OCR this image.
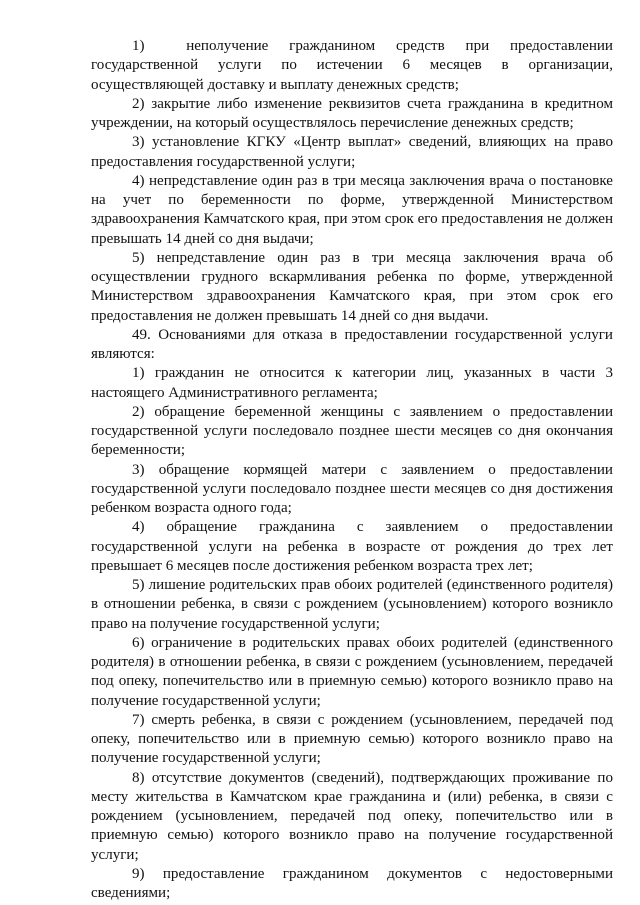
1)  неполучение гражданином средств при предоставлении государственной услуги по истечении 6 месяцев в организации, осуществляющей доставку и выплату денежных средств;

2) закрытие либо изменение реквизитов счета гражданина в кредитном учреждении, на который осуществлялось перечисление денежных средств;

3) установление КГКУ «Центр выплат» сведений, влияющих на право предоставления государственной услуги;

4) непредставление один раз в три месяца заключения врача о постановке на учет по беременности по форме, утвержденной Министерством здравоохранения Камчатского края, при этом срок его предоставления не должен превышать 14 дней со дня выдачи;

5) непредставление один раз в три месяца заключения врача об осуществлении грудного вскармливания ребенка по форме, утвержденной Министерством здравоохранения Камчатского края, при этом срок его предоставления не должен превышать 14 дней со дня выдачи.

49. Основаниями для отказа в предоставлении государственной услуги являются:

1) гражданин не относится к категории лиц, указанных в части 3 настоящего Административного регламента;

2) обращение беременной женщины с заявлением о предоставлении государственной услуги последовало позднее шести месяцев со дня окончания беременности;

3) обращение кормящей матери с заявлением о предоставлении государственной услуги последовало позднее шести месяцев со дня достижения ребенком возраста одного года;

4) обращение гражданина с заявлением о предоставлении государственной услуги на ребенка в возрасте от рождения до трех лет превышает 6 месяцев после достижения ребенком возраста трех лет;

5) лишение родительских прав обоих родителей (единственного родителя) в отношении ребенка, в связи с рождением (усыновлением) которого возникло право на получение государственной услуги;

6) ограничение в родительских правах обоих родителей (единственного родителя) в отношении ребенка, в связи с рождением (усыновлением, передачей под опеку, попечительство или в приемную семью) которого возникло право на получение государственной услуги;

7) смерть ребенка, в связи с рождением (усыновлением, передачей под опеку, попечительство или в приемную семью) которого возникло право на получение государственной услуги;

8) отсутствие документов (сведений), подтверждающих проживание по месту жительства в Камчатском крае гражданина и (или) ребенка, в связи с рождением (усыновлением, передачей под опеку, попечительство или в приемную семью) которого возникло право на получение государственной услуги;

9) предоставление гражданином документов с недостоверными сведениями;
